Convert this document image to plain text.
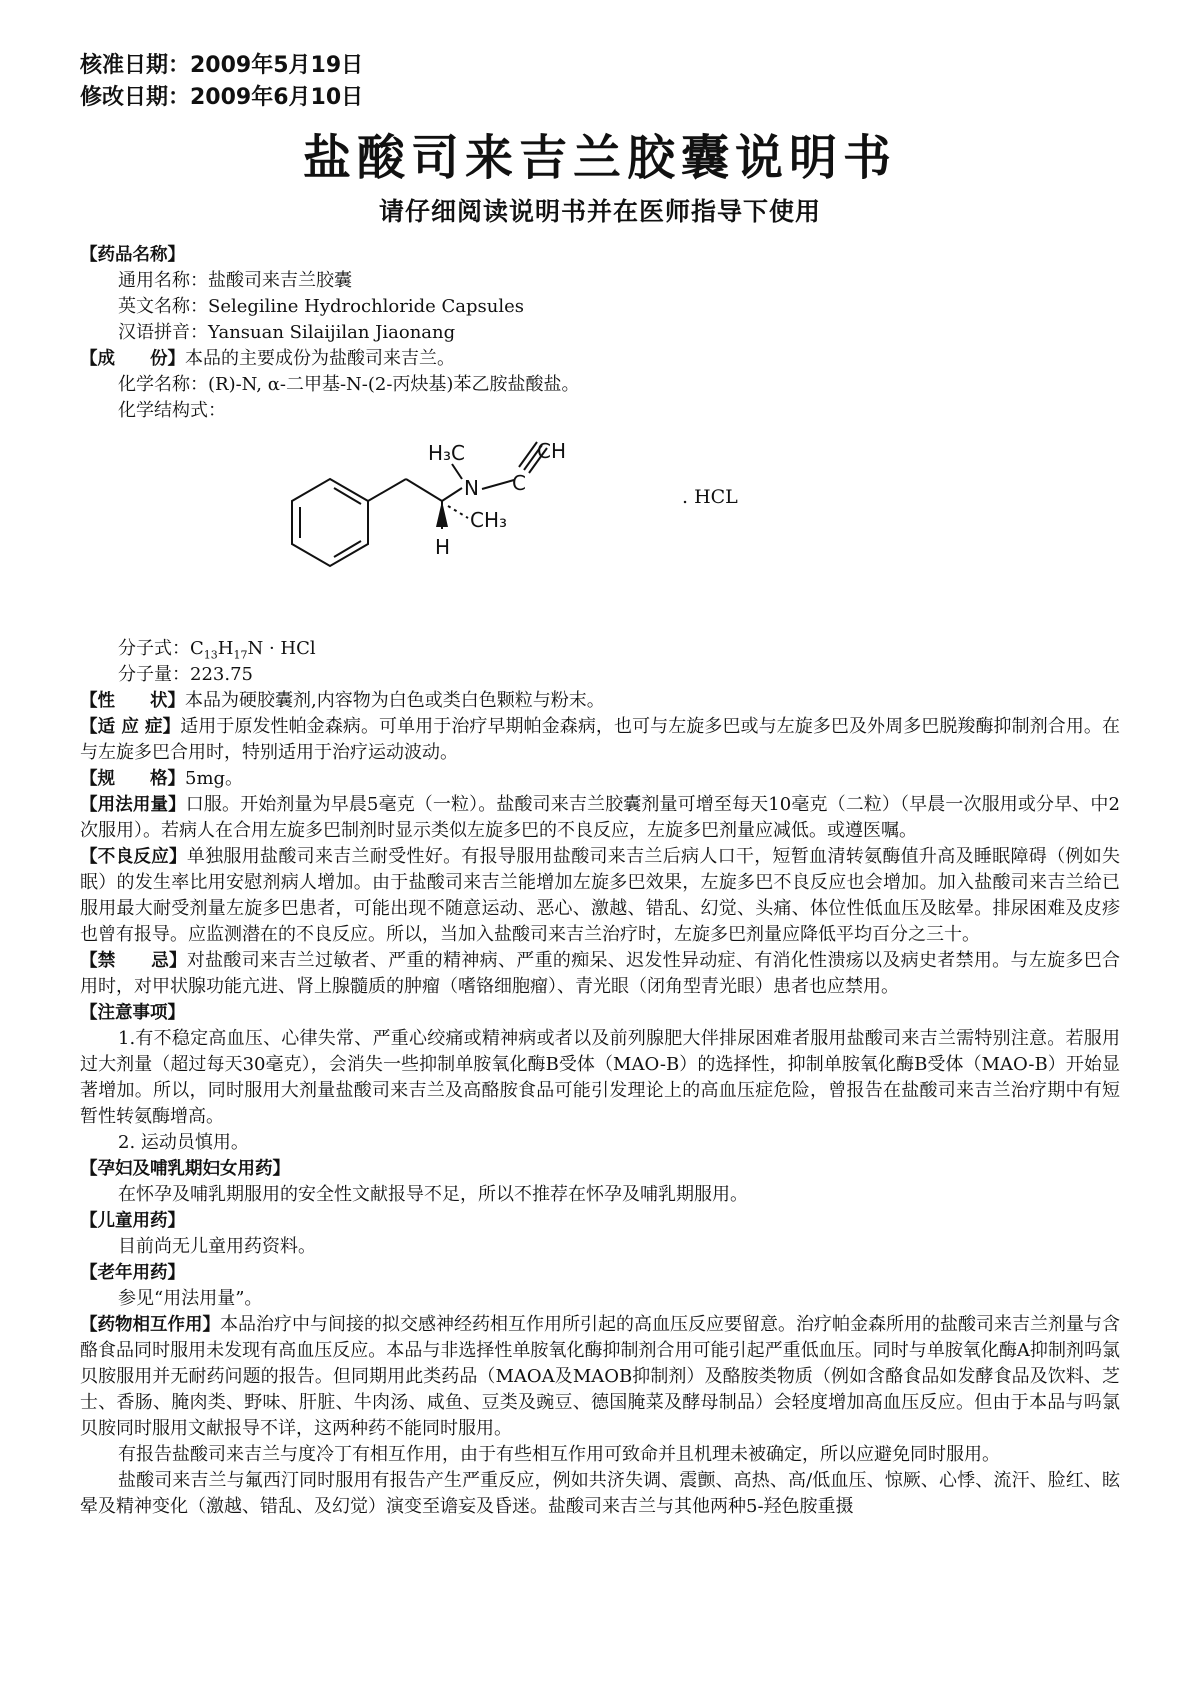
核准日期：2009年5月19日
修改日期：2009年6月10日
盐酸司来吉兰胶囊说明书
请仔细阅读说明书并在医师指导下使用

【药品名称】

通用名称：盐酸司来吉兰胶囊

英文名称：Selegiline Hydrochloride Capsules

汉语拼音：Yansuan Silaijilan Jiaonang

【成　　份】本品的主要成份为盐酸司来吉兰。

化学名称：(R)-N, α-二甲基-N-(2-丙炔基)苯乙胺盐酸盐。

化学结构式：

H₃C
N C
CH
CH₃
H
. HCL

分子式：$C_{13}H_{17}N$ · HCl

分子量：223.75

【性　　状】本品为硬胶囊剂,内容物为白色或类白色颗粒与粉末。

【适 应 症】适用于原发性帕金森病。可单用于治疗早期帕金森病，也可与左旋多巴或与左旋多巴及外周多巴脱羧酶抑制剂合用。在与左旋多巴合用时，特别适用于治疗运动波动。

【规　　格】5mg。

【用法用量】口服。开始剂量为早晨5毫克（一粒）。盐酸司来吉兰胶囊剂量可增至每天10毫克（二粒）（早晨一次服用或分早、中2次服用）。若病人在合用左旋多巴制剂时显示类似左旋多巴的不良反应，左旋多巴剂量应减低。或遵医嘱。

【不良反应】单独服用盐酸司来吉兰耐受性好。有报导服用盐酸司来吉兰后病人口干，短暂血清转氨酶值升高及睡眠障碍（例如失眠）的发生率比用安慰剂病人增加。由于盐酸司来吉兰能增加左旋多巴效果，左旋多巴不良反应也会增加。加入盐酸司来吉兰给已服用最大耐受剂量左旋多巴患者，可能出现不随意运动、恶心、激越、错乱、幻觉、头痛、体位性低血压及眩晕。排尿困难及皮疹也曾有报导。应监测潜在的不良反应。所以，当加入盐酸司来吉兰治疗时，左旋多巴剂量应降低平均百分之三十。

【禁　　忌】对盐酸司来吉兰过敏者、严重的精神病、严重的痴呆、迟发性异动症、有消化性溃疡以及病史者禁用。与左旋多巴合用时，对甲状腺功能亢进、肾上腺髓质的肿瘤（嗜铬细胞瘤）、青光眼（闭角型青光眼）患者也应禁用。

【注意事项】

1.有不稳定高血压、心律失常、严重心绞痛或精神病或者以及前列腺肥大伴排尿困难者服用盐酸司来吉兰需特别注意。若服用过大剂量（超过每天30毫克），会消失一些抑制单胺氧化酶B受体（MAO-B）的选择性，抑制单胺氧化酶B受体（MAO-B）开始显著增加。所以，同时服用大剂量盐酸司来吉兰及高酪胺食品可能引发理论上的高血压症危险，曾报告在盐酸司来吉兰治疗期中有短暂性转氨酶增高。

2. 运动员慎用。

【孕妇及哺乳期妇女用药】

在怀孕及哺乳期服用的安全性文献报导不足，所以不推荐在怀孕及哺乳期服用。

【儿童用药】

目前尚无儿童用药资料。

【老年用药】

参见“用法用量”。

【药物相互作用】本品治疗中与间接的拟交感神经药相互作用所引起的高血压反应要留意。治疗帕金森所用的盐酸司来吉兰剂量与含酪食品同时服用未发现有高血压反应。本品与非选择性单胺氧化酶抑制剂合用可能引起严重低血压。同时与单胺氧化酶A抑制剂吗氯贝胺服用并无耐药问题的报告。但同期用此类药品（MAOA及MAOB抑制剂）及酪胺类物质（例如含酪食品如发酵食品及饮料、芝士、香肠、腌肉类、野味、肝脏、牛肉汤、咸鱼、豆类及豌豆、德国腌菜及酵母制品）会轻度增加高血压反应。但由于本品与吗氯贝胺同时服用文献报导不详，这两种药不能同时服用。

有报告盐酸司来吉兰与度冷丁有相互作用，由于有些相互作用可致命并且机理未被确定，所以应避免同时服用。

盐酸司来吉兰与氟西汀同时服用有报告产生严重反应，例如共济失调、震颤、高热、高/低血压、惊厥、心悸、流汗、脸红、眩晕及精神变化（激越、错乱、及幻觉）演变至谵妄及昏迷。盐酸司来吉兰与其他两种5-羟色胺重摄
